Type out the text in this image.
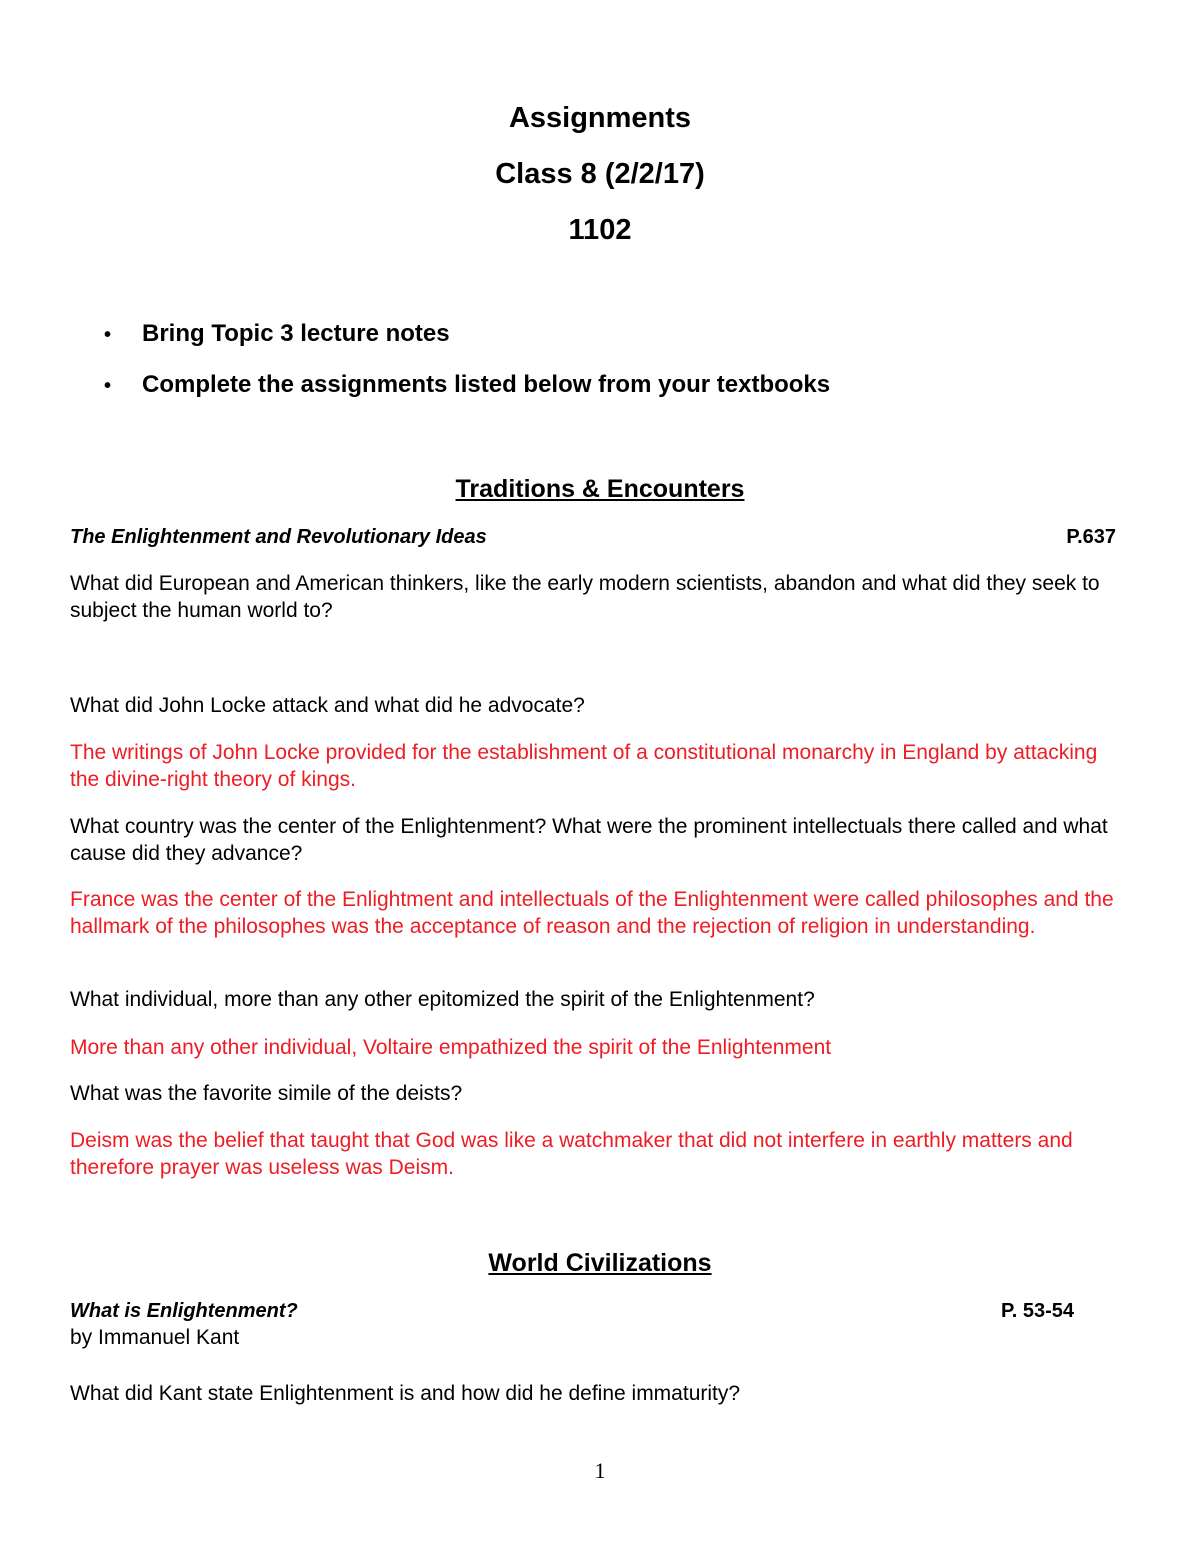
Assignments
Class 8 (2/2/17)
1102
•	Bring Topic 3 lecture notes
•	Complete the assignments listed below from your textbooks
Traditions & Encounters
The Enlightenment and Revolutionary Ideas	P.637
What did European and American thinkers, like the early modern scientists, abandon and what did they seek to subject the human world to?
What did John Locke attack and what did he advocate?
The writings of John Locke provided for the establishment of a constitutional monarchy in England by attacking the divine-right theory of kings.
What country was the center of the Enlightenment? What were the prominent intellectuals there called and what cause did they advance?
France was the center of the Enlightment and intellectuals of the Enlightenment were called philosophes and the hallmark of the philosophes was the acceptance of reason and the rejection of religion in understanding.
What individual, more than any other epitomized the spirit of the Enlightenment?
More than any other individual, Voltaire empathized the spirit of the Enlightenment
What was the favorite simile of the deists?
Deism was the belief that taught that God was like a watchmaker that did not interfere in earthly matters and therefore prayer was useless was Deism.
World Civilizations
What is Enlightenment?	P. 53-54
by Immanuel Kant
What did Kant state Enlightenment is and how did he define immaturity?
1
